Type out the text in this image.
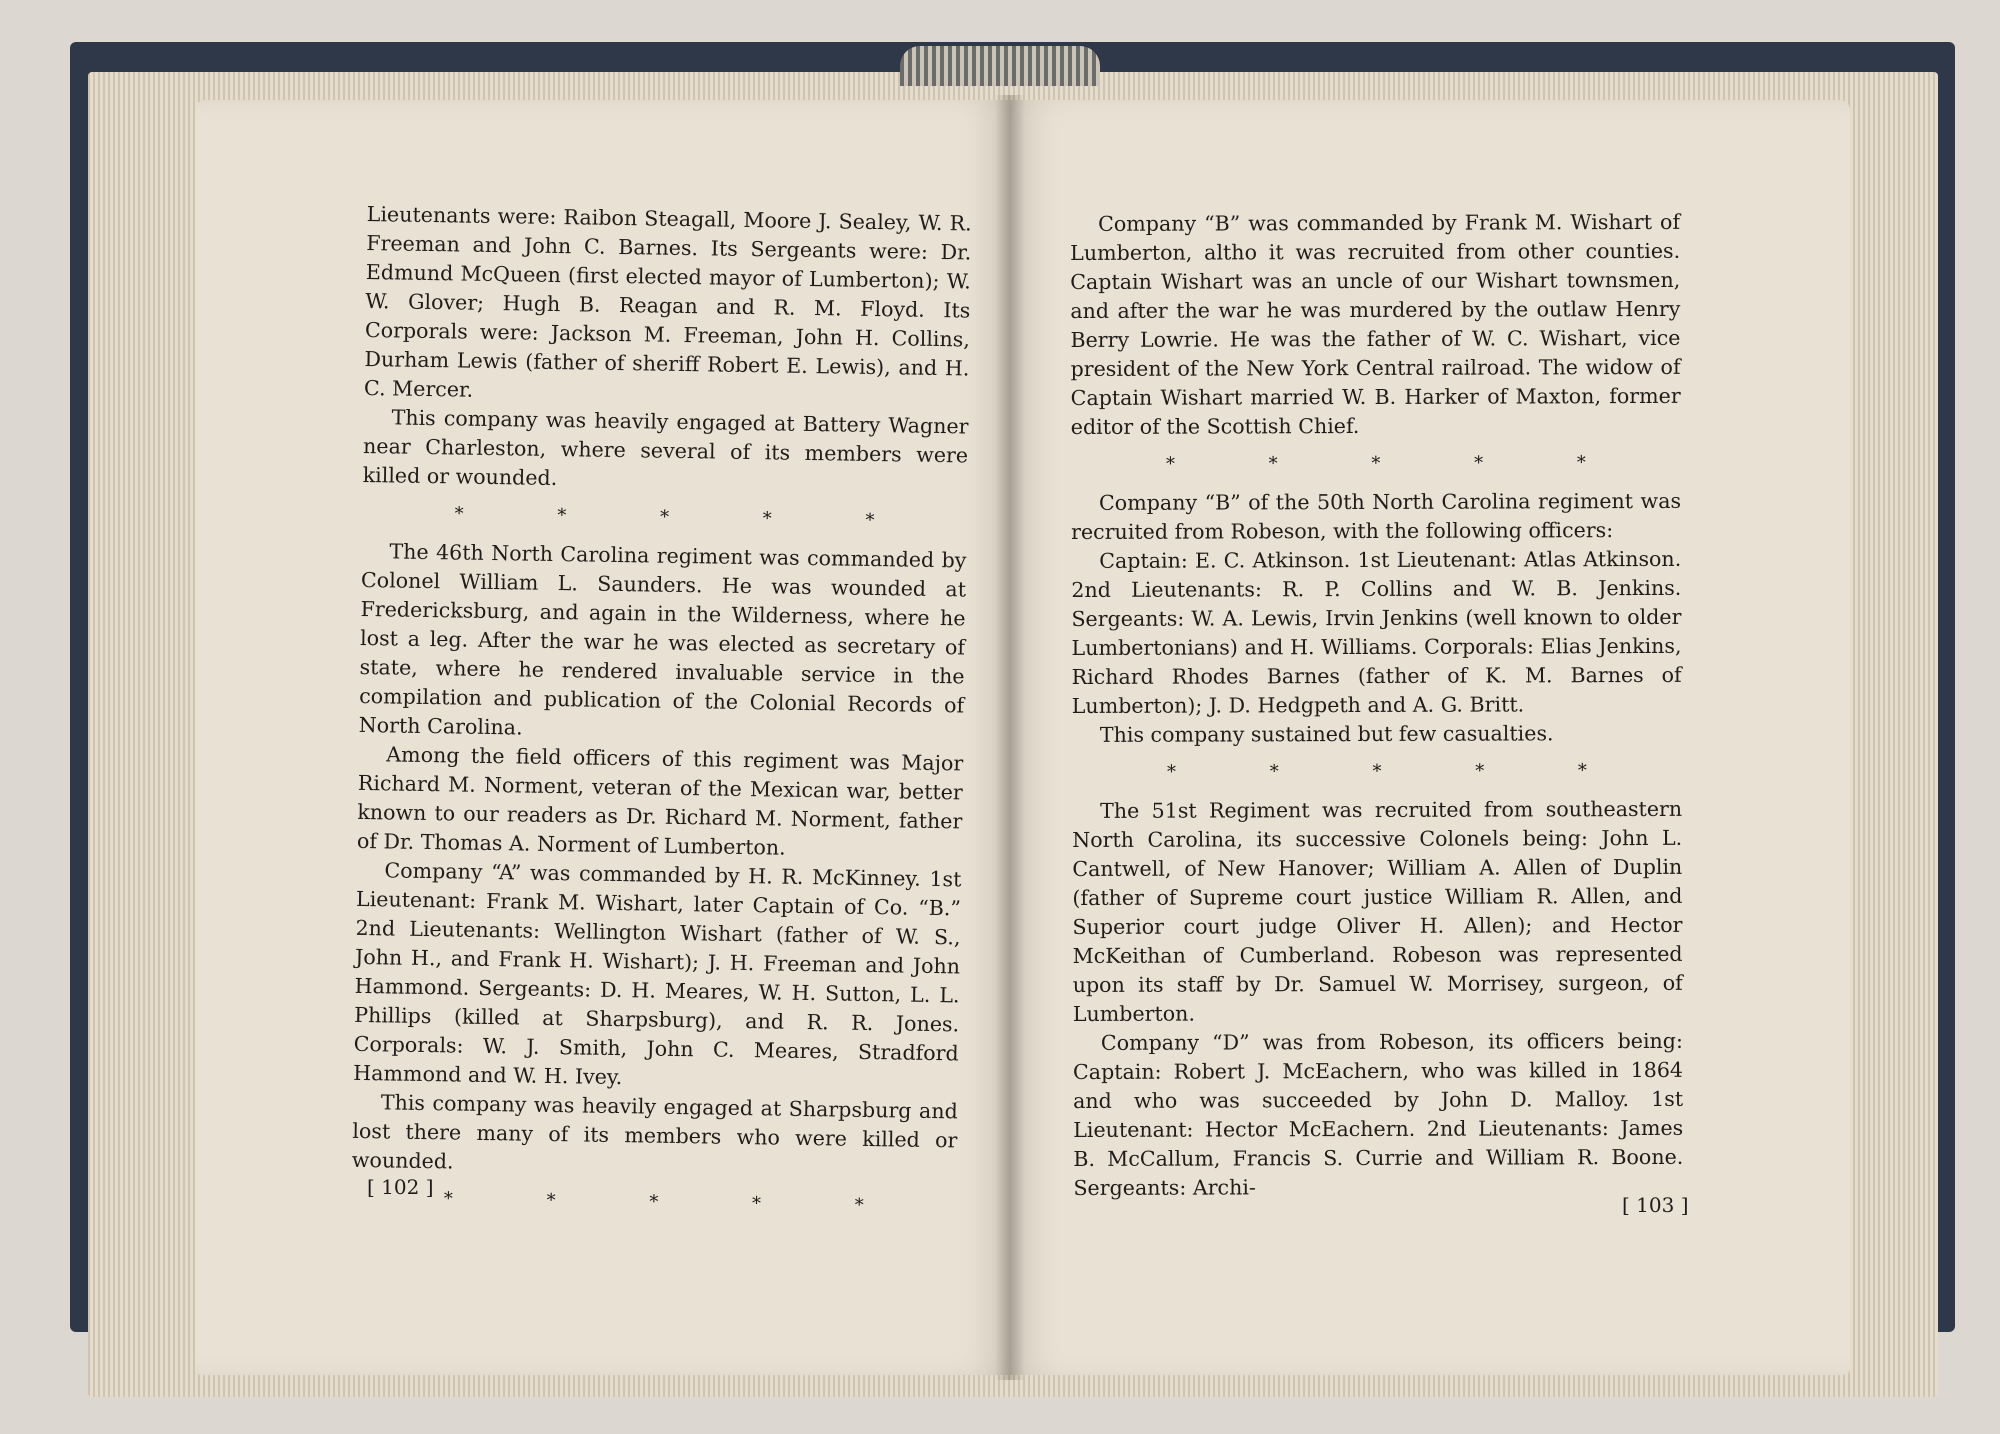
Lieutenants were: Raibon Steagall, Moore J. Sealey, W. R. Freeman and John C. Barnes. Its Sergeants were: Dr. Edmund McQueen (first elected mayor of Lumberton); W. W. Glover; Hugh B. Reagan and R. M. Floyd. Its Corporals were: Jackson M. Freeman, John H. Collins, Durham Lewis (father of sheriff Robert E. Lewis), and H. C. Mercer.

This company was heavily engaged at Battery Wagner near Charleston, where several of its members were killed or wounded.

* * * * *

The 46th North Carolina regiment was commanded by Colonel William L. Saunders. He was wounded at Fredericksburg, and again in the Wilderness, where he lost a leg. After the war he was elected as secretary of state, where he rendered invaluable service in the compilation and publication of the Colonial Records of North Carolina.

Among the field officers of this regiment was Major Richard M. Norment, veteran of the Mexican war, better known to our readers as Dr. Richard M. Norment, father of Dr. Thomas A. Norment of Lumberton.

Company “A” was commanded by H. R. McKinney. 1st Lieutenant: Frank M. Wishart, later Captain of Co. “B.” 2nd Lieutenants: Wellington Wishart (father of W. S., John H., and Frank H. Wishart); J. H. Freeman and John Hammond. Sergeants: D. H. Meares, W. H. Sutton, L. L. Phillips (killed at Sharpsburg), and R. R. Jones. Corporals: W. J. Smith, John C. Meares, Stradford Hammond and W. H. Ivey.

This company was heavily engaged at Sharpsburg and lost there many of its members who were killed or wounded.

* * * * *
[ 102 ]

Company “B” was commanded by Frank M. Wishart of Lumberton, altho it was recruited from other counties. Captain Wishart was an uncle of our Wishart townsmen, and after the war he was murdered by the outlaw Henry Berry Lowrie. He was the father of W. C. Wishart, vice president of the New York Central railroad. The widow of Captain Wishart married W. B. Harker of Maxton, former editor of the Scottish Chief.

* * * * *

Company “B” of the 50th North Carolina regiment was recruited from Robeson, with the following officers:

Captain: E. C. Atkinson. 1st Lieutenant: Atlas Atkinson. 2nd Lieutenants: R. P. Collins and W. B. Jenkins. Sergeants: W. A. Lewis, Irvin Jenkins (well known to older Lumbertonians) and H. Williams. Corporals: Elias Jenkins, Richard Rhodes Barnes (father of K. M. Barnes of Lumberton); J. D. Hedgpeth and A. G. Britt.

This company sustained but few casualties.

* * * * *

The 51st Regiment was recruited from southeastern North Carolina, its successive Colonels being: John L. Cantwell, of New Hanover; William A. Allen of Duplin (father of Supreme court justice William R. Allen, and Superior court judge Oliver H. Allen); and Hector McKeithan of Cumberland. Robeson was represented upon its staff by Dr. Samuel W. Morrisey, surgeon, of Lumberton.

Company “D” was from Robeson, its officers being: Captain: Robert J. McEachern, who was killed in 1864 and who was succeeded by John D. Malloy. 1st Lieutenant: Hector McEachern. 2nd Lieutenants: James B. McCallum, Francis S. Currie and William R. Boone. Sergeants: Archi-

[ 103 ]
